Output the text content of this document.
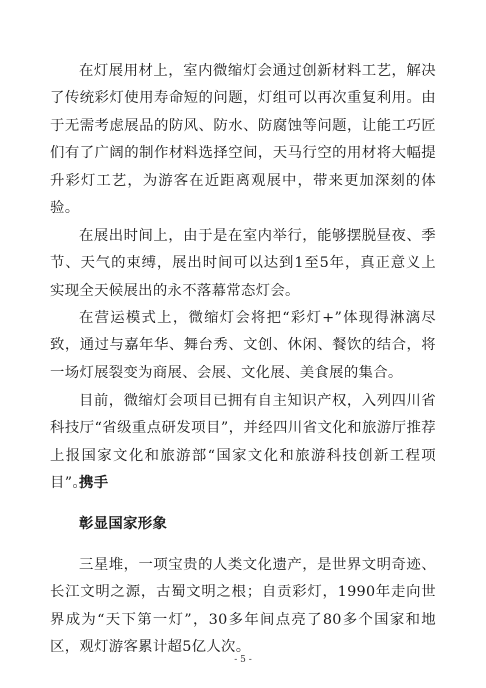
在灯展用材上，室内微缩灯会通过创新材料工艺，解决了传统彩灯使用寿命短的问题，灯组可以再次重复利用。由于无需考虑展品的防风、防水、防腐蚀等问题，让能工巧匠们有了广阔的制作材料选择空间，天马行空的用材将大幅提升彩灯工艺，为游客在近距离观展中，带来更加深刻的体验。

在展出时间上，由于是在室内举行，能够摆脱昼夜、季节、天气的束缚，展出时间可以达到1至5年，真正意义上实现全天候展出的永不落幕常态灯会。

在营运模式上，微缩灯会将把“彩灯+”体现得淋漓尽致，通过与嘉年华、舞台秀、文创、休闲、餐饮的结合，将一场灯展裂变为商展、会展、文化展、美食展的集合。

目前，微缩灯会项目已拥有自主知识产权，入列四川省科技厅“省级重点研发项目”，并经四川省文化和旅游厅推荐上报国家文化和旅游部“国家文化和旅游科技创新工程项目”。

携手

彰显国家形象

三星堆，一项宝贵的人类文化遗产，是世界文明奇迹、长江文明之源，古蜀文明之根；自贡彩灯，1990年走向世界成为“天下第一灯”，30多年间点亮了80多个国家和地区，观灯游客累计超5亿人次。

- 5 -
